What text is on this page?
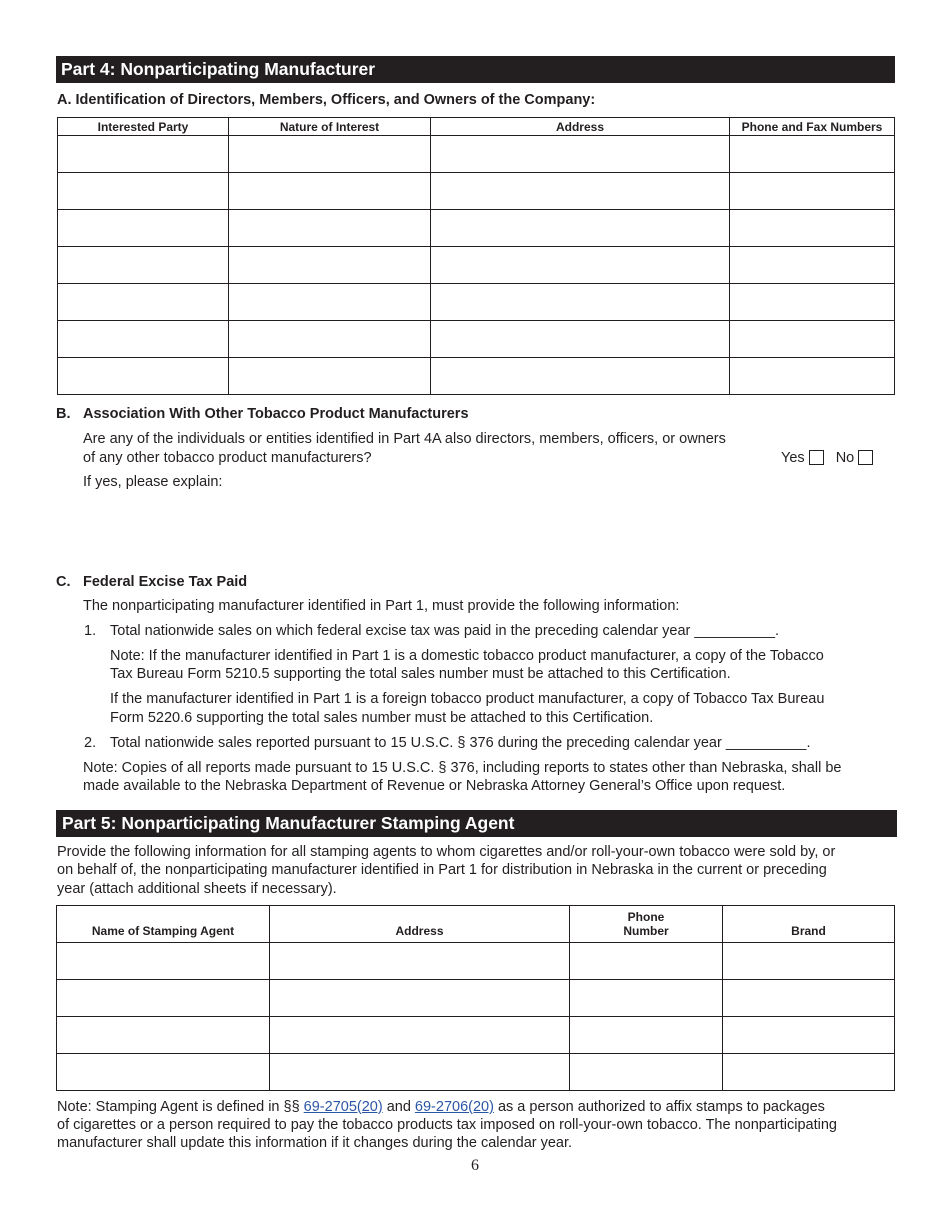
Part 4: Nonparticipating Manufacturer
A. Identification of Directors, Members, Officers, and Owners of the Company:
Interested Party	Nature of Interest	Address	Phone and Fax Numbers

B. Association With Other Tobacco Product Manufacturers
Are any of the individuals or entities identified in Part 4A also directors, members, officers, or owners
of any other tobacco product manufacturers?	Yes No
If yes, please explain:
C. Federal Excise Tax Paid
The nonparticipating manufacturer identified in Part 1, must provide the following information:
1. Total nationwide sales on which federal excise tax was paid in the preceding calendar year __________.
Note: If the manufacturer identified in Part 1 is a domestic tobacco product manufacturer, a copy of the Tobacco
Tax Bureau Form 5210.5 supporting the total sales number must be attached to this Certification.
If the manufacturer identified in Part 1 is a foreign tobacco product manufacturer, a copy of Tobacco Tax Bureau
Form 5220.6 supporting the total sales number must be attached to this Certification.
2. Total nationwide sales reported pursuant to 15 U.S.C. § 376 during the preceding calendar year __________.
Note: Copies of all reports made pursuant to 15 U.S.C. § 376, including reports to states other than Nebraska, shall be
made available to the Nebraska Department of Revenue or Nebraska Attorney General’s Office upon request.
Part 5: Nonparticipating Manufacturer Stamping Agent
Provide the following information for all stamping agents to whom cigarettes and/or roll-your-own tobacco were sold by, or
on behalf of, the nonparticipating manufacturer identified in Part 1 for distribution in Nebraska in the current or preceding
year (attach additional sheets if necessary).
Name of Stamping Agent	Address	Phone
Number	Brand

Note: Stamping Agent is defined in §§ 69-2705(20) and 69-2706(20) as a person authorized to affix stamps to packages
of cigarettes or a person required to pay the tobacco products tax imposed on roll-your-own tobacco. The nonparticipating
manufacturer shall update this information if it changes during the calendar year.
6
